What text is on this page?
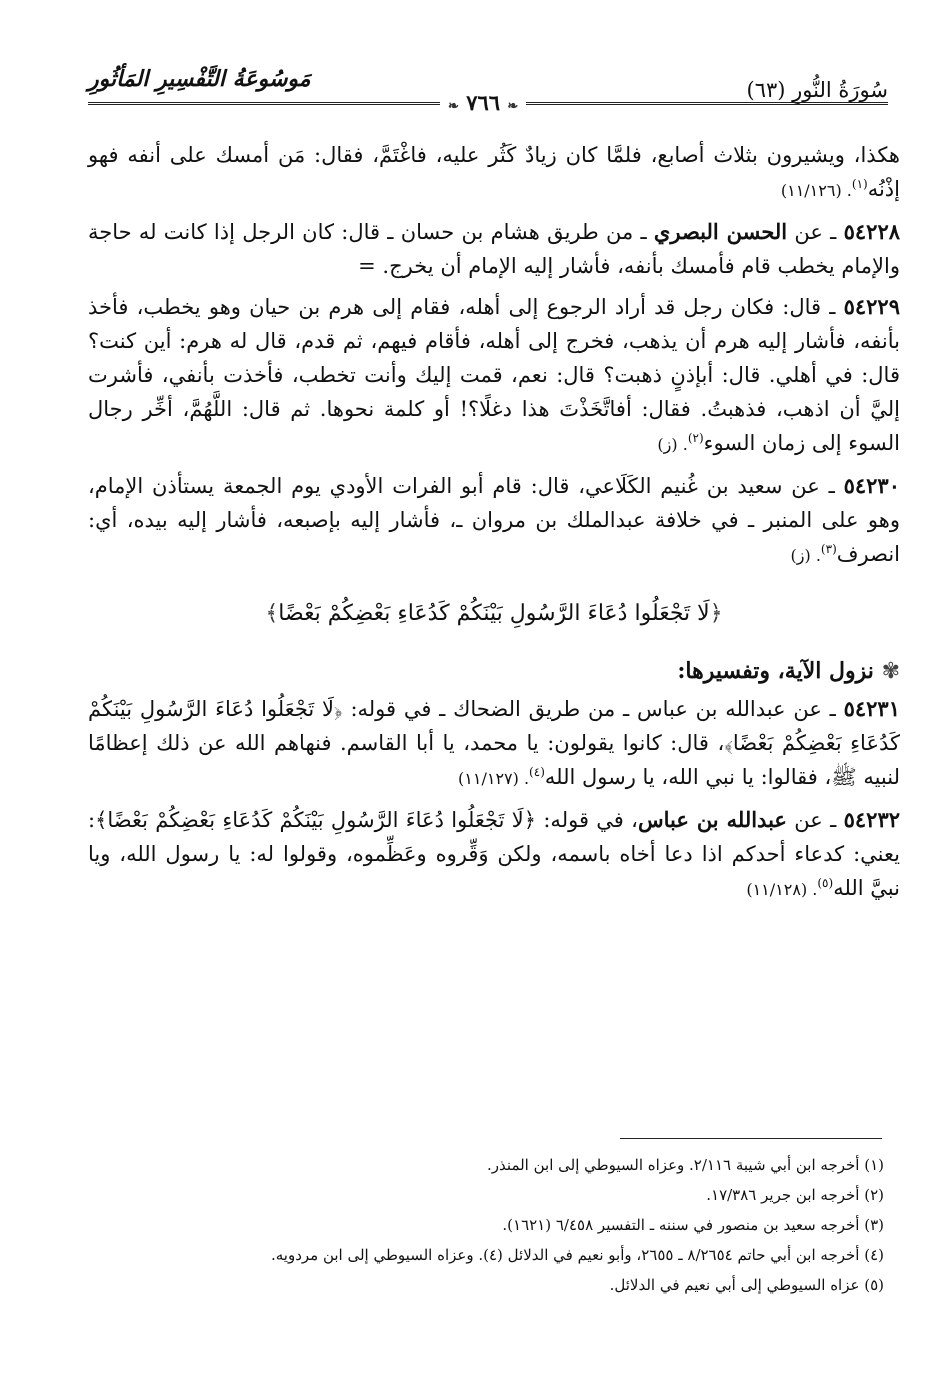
سُورَةُ النُّورِ (٦٣)
مَوسُوعَةُ التَّفْسِيرِ المَأثُورِ
❧ ٧٦٦ ❧

هكذا، ويشيرون بثلاث أصابع، فلمَّا كان زيادٌ كَثُر عليه، فاغْتَمَّ، فقال: مَن أمسك على أنفه فهو إذْنُه$^{(١)}$. (١١/١٢٦)

٥٤٢٢٨ ـ عن الحسن البصري ـ من طريق هشام بن حسان ـ قال: كان الرجل إذا كانت له حاجة والإمام يخطب قام فأمسك بأنفه، فأشار إليه الإمام أن يخرج. =

٥٤٢٢٩ ـ قال: فكان رجل قد أراد الرجوع إلى أهله، فقام إلى هرم بن حيان وهو يخطب، فأخذ بأنفه، فأشار إليه هرم أن يذهب، فخرج إلى أهله، فأقام فيهم، ثم قدم، قال له هرم: أين كنت؟ قال: في أهلي. قال: أبإذنٍ ذهبت؟ قال: نعم، قمت إليك وأنت تخطب، فأخذت بأنفي، فأشرت إليَّ أن اذهب، فذهبتُ. فقال: أفاتَّخَذْتَ هذا دغلًا؟! أو كلمة نحوها. ثم قال: اللَّهُمَّ، أخِّر رجال السوء إلى زمان السوء$^{(٢)}$. (ز)

٥٤٢٣٠ ـ عن سعيد بن غُنيم الكَلَاعي، قال: قام أبو الفرات الأودي يوم الجمعة يستأذن الإمام، وهو على المنبر ـ في خلافة عبدالملك بن مروان ـ، فأشار إليه بإصبعه، فأشار إليه بيده، أي: انصرف$^{(٣)}$. (ز)

﴿لَا تَجْعَلُوا دُعَاءَ الرَّسُولِ بَيْنَكُمْ كَدُعَاءِ بَعْضِكُمْ بَعْضًا﴾
✾ نزول الآية، وتفسيرها:

٥٤٢٣١ ـ عن عبدالله بن عباس ـ من طريق الضحاك ـ في قوله: ﴿لَا تَجْعَلُوا دُعَاءَ الرَّسُولِ بَيْنَكُمْ كَدُعَاءِ بَعْضِكُمْ بَعْضًا﴾، قال: كانوا يقولون: يا محمد، يا أبا القاسم. فنهاهم الله عن ذلك إعظامًا لنبيه ﷺ، فقالوا: يا نبي الله، يا رسول الله$^{(٤)}$. (١١/١٢٧)

٥٤٢٣٢ ـ عن عبدالله بن عباس، في قوله: ﴿لَا تَجْعَلُوا دُعَاءَ الرَّسُولِ بَيْنَكُمْ كَدُعَاءِ بَعْضِكُمْ بَعْضًا﴾: يعني: كدعاء أحدكم اذا دعا أخاه باسمه، ولكن وَقِّروه وعَظِّموه، وقولوا له: يا رسول الله، ويا نبيَّ الله$^{(٥)}$. (١١/١٢٨)

(١) أخرجه ابن أبي شيبة ٢/١١٦. وعزاه السيوطي إلى ابن المنذر.
(٢) أخرجه ابن جرير ١٧/٣٨٦.
(٣) أخرجه سعيد بن منصور في سننه ـ التفسير ٦/٤٥٨ (١٦٢١).
(٤) أخرجه ابن أبي حاتم ٨/٢٦٥٤ ـ ٢٦٥٥، وأبو نعيم في الدلائل (٤). وعزاه السيوطي إلى ابن مردويه.
(٥) عزاه السيوطي إلى أبي نعيم في الدلائل.
